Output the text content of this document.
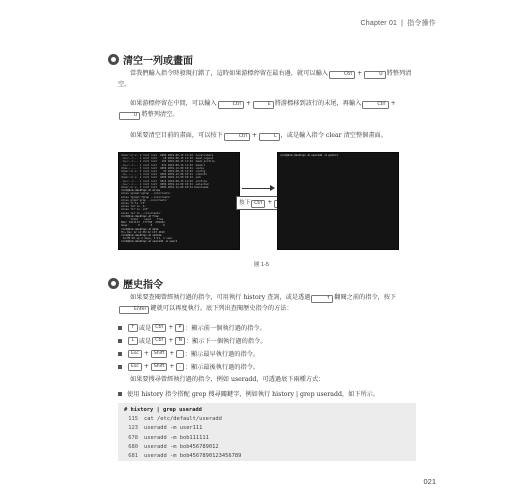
Chapter 01 | 指令操作
清空一列或畫面
當我們輸入指令時發現打錯了，這時如果游標停留在最右邊，就可以輸入	Ctrl +	U 將整列清空。
如果游標停留在中間，可以輸入	Ctrl +	E 將游標移到該行的末尾，再輸入	Ctrl +U 將整列清空。
如果要清空目前的畫面，可以按下	Ctrl +	L ，或是輸入指令 clear 清空整個畫面。
drwxr-xr-x. 2 root root  4096 2019-08-15 11:43 .local/share
-rw-r--r--. 1 root root    18 2019-08-15 11:43 .bash_logout
-rw-r--r--. 1 root root   193 2019-08-15 11:43 .bash_profile
-rw-r--r--. 1 root root   231 2019-08-15 11:43 .bashrc
drwx------. 3 root root  4096 2019-12-09 10:21 .cache
drwxr-xr-x. 3 root root    33 2019-08-15 11:43 .config
-rw-------. 1 root root  4096 2019-12-09 10:21 .viminfo
drwxr-xr-x. 2 root root  4096 2019-12-09 10:21 .ssh
-rw-r--r--. 1 root root  3815 2019-08-15 11:43 .profile
-rw-r--r--. 1 root root  4096 2019-12-09 10:21 .selected
drwxr-xr-x. 3 root root  4096 2019-12-09 10:21 Downloads
root@kvm-desktop:~# alias
alias egrep='egrep --color=auto'
alias fgrep='fgrep --color=auto'
alias grep='grep --color=auto'
alias l='ls -CF'
alias la='ls -A'
alias ll='ls -alF'
alias ls='ls --color=auto'
root@kvm-desktop:~# free
total    used    free
Mem: 1017172  777768  239404
Swap:      0       0       0
root@kvm-desktop:~# date
Thu Dec 12 14:05:22 CST 2019
root@kvm-desktop:~# uptime
14:05:25 up 2 days, 3:11, 1 user
root@kvm-desktop:~# useradd -m user1
按下 Ctrl +
root@kvm-desktop:~# useradd -m peter1
圖 1-5
歷史指令
如果要查閱曾經執行過的指令，可用執行 history 查詢，或是透過	↑ 翻閱之前的指令，按下Enter 鍵就可以再度執行。底下列出查閱歷史指令的方法：
↑ 或是 Ctrl +	P ：顯示前一個執行過的指令。
↓ 或是 Ctrl +	N ：顯示下一個執行過的指令。
Esc +	Shift +	. ：顯示最早執行過的指令。
Esc +	Shift +	, ：顯示最後執行過的指令。
如果要搜尋曾經執行過的指令，例如 useradd，可透過底下兩種方式：
使用 history 指令搭配 grep 搜尋關鍵字，例如執行 history | grep useradd，如下所示。
# history | grep useradd
115 cat /etc/default/useradd
123 useradd -m user111
678 useradd -m bob111111
680 useradd -m bob456789012
681 useradd -m bob4567890123456789
021
